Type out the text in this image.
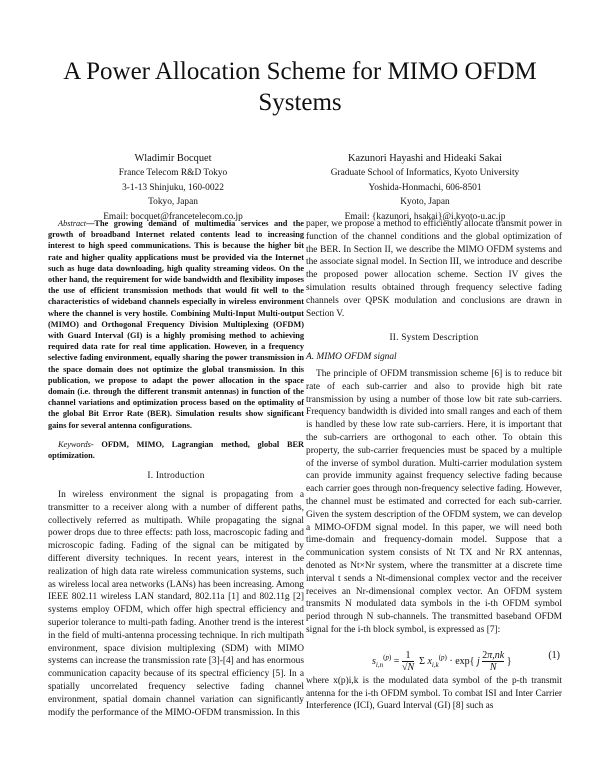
A Power Allocation Scheme for MIMO OFDM Systems
Wladimir Bocquet
France Telecom R&D Tokyo
3-1-13 Shinjuku, 160-0022
Tokyo, Japan
Email: bocquet@francetelecom.co.jp
Kazunori Hayashi and Hideaki Sakai
Graduate School of Informatics, Kyoto University
Yoshida-Honmachi, 606-8501
Kyoto, Japan
Email: {kazunori, hsakai}@i.kyoto-u.ac.jp

Abstract—The growing demand of multimedia services and the growth of broadband Internet related contents lead to increasing interest to high speed communications. This is because the higher bit rate and higher quality applications must be provided via the Internet such as huge data downloading, high quality streaming videos. On the other hand, the requirement for wide bandwidth and flexibility imposes the use of efficient transmission methods that would fit well to the characteristics of wideband channels especially in wireless environment where the channel is very hostile. Combining Multi-Input Multi-output (MIMO) and Orthogonal Frequency Division Multiplexing (OFDM) with Guard Interval (GI) is a highly promising method to achieving required data rate for real time application. However, in a frequency selective fading environment, equally sharing the power transmission in the space domain does not optimize the global transmission. In this publication, we propose to adapt the power allocation in the space domain (i.e. through the different transmit antennas) in function of the channel variations and optimization process based on the optimality of the global Bit Error Rate (BER). Simulation results show significant gains for several antenna configurations.

Keywords- OFDM, MIMO, Lagrangian method, global BER optimization.

I. Introduction

In wireless environment the signal is propagating from a transmitter to a receiver along with a number of different paths, collectively referred as multipath. While propagating the signal power drops due to three effects: path loss, macroscopic fading and microscopic fading. Fading of the signal can be mitigated by different diversity techniques. In recent years, interest in the realization of high data rate wireless communication systems, such as wireless local area networks (LANs) has been increasing. Among IEEE 802.11 wireless LAN standard, 802.11a [1] and 802.11g [2] systems employ OFDM, which offer high spectral efficiency and superior tolerance to multi-path fading. Another trend is the interest in the field of multi-antenna processing technique. In rich multipath environment, space division multiplexing (SDM) with MIMO systems can increase the transmission rate [3]-[4] and has enormous communication capacity because of its spectral efficiency [5]. In a spatially uncorrelated frequency selective fading channel environment, spatial domain channel variation can significantly modify the performance of the MIMO-OFDM transmission. In this

paper, we propose a method to efficiently allocate transmit power in function of the channel conditions and the global optimization of the BER. In Section II, we describe the MIMO OFDM systems and the associate signal model. In Section III, we introduce and describe the proposed power allocation scheme. Section IV gives the simulation results obtained through frequency selective fading channels over QPSK modulation and conclusions are drawn in Section V.

II. System Description
A. MIMO OFDM signal

The principle of OFDM transmission scheme [6] is to reduce bit rate of each sub-carrier and also to provide high bit rate transmission by using a number of those low bit rate sub-carriers. Frequency bandwidth is divided into small ranges and each of them is handled by these low rate sub-carriers. Here, it is important that the sub-carriers are orthogonal to each other. To obtain this property, the sub-carrier frequencies must be spaced by a multiple of the inverse of symbol duration. Multi-carrier modulation system can provide immunity against frequency selective fading because each carrier goes through non-frequency selective fading. However, the channel must be estimated and corrected for each sub-carrier. Given the system description of the OFDM system, we can develop a MIMO-OFDM signal model. In this paper, we will need both time-domain and frequency-domain model. Suppose that a communication system consists of Nt TX and Nr RX antennas, denoted as Nt×Nr system, where the transmitter at a discrete time interval t sends a Nt-dimensional complex vector and the receiver receives an Nr-dimensional complex vector. An OFDM system transmits N modulated data symbols in the i-th OFDM symbol period through N sub-channels. The transmitted baseband OFDM signal for the i-th block symbol, is expressed as [7]:

$s_{i,n}^{(p)} = \frac{1}{√N}$ Σ $x_{i,k}^{(p)} \cdot \exp${ j $\frac{2\pi,nk}{N}$ }
(1)

where x(p)i,k is the modulated data symbol of the p-th transmit antenna for the i-th OFDM symbol. To combat ISI and Inter Carrier Interference (ICI), Guard Interval (GI) [8] such as
